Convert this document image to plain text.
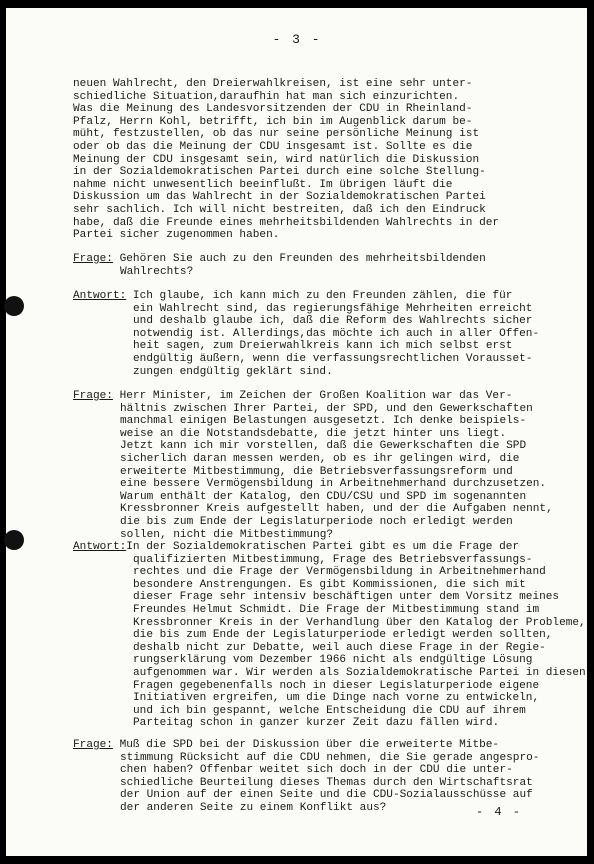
- 3 -
neuen Wahlrecht, den Dreierwahlkreisen, ist eine sehr unter-
schiedliche Situation,daraufhin hat man sich einzurichten.
Was die Meinung des Landesvorsitzenden der CDU in Rheinland-
Pfalz, Herrn Kohl, betrifft, ich bin im Augenblick darum be-
müht, festzustellen, ob das nur seine persönliche Meinung ist
oder ob das die Meinung der CDU insgesamt ist. Sollte es die
Meinung der CDU insgesamt sein, wird natürlich die Diskussion
in der Sozialdemokratischen Partei durch eine solche Stellung-
nahme nicht unwesentlich beeinflußt. Im übrigen läuft die
Diskussion um das Wahlrecht in der Sozialdemokratischen Partei
sehr sachlich. Ich will nicht bestreiten, daß ich den Eindruck
habe, daß die Freunde eines mehrheitsbildenden Wahlrechts in der
Partei sicher zugenommen haben.
Frage: Gehören Sie auch zu den Freunden des mehrheitsbildenden
Wahlrechts?
Antwort: Ich glaube, ich kann mich zu den Freunden zählen, die für
ein Wahlrecht sind, das regierungsfähige Mehrheiten erreicht
und deshalb glaube ich, daß die Reform des Wahlrechts sicher
notwendig ist. Allerdings,das möchte ich auch in aller Offen-
heit sagen, zum Dreierwahlkreis kann ich mich selbst erst
endgültig äußern, wenn die verfassungsrechtlichen Vorausset-
zungen endgültig geklärt sind.
Frage: Herr Minister, im Zeichen der Großen Koalition war das Ver-
hältnis zwischen Ihrer Partei, der SPD, und den Gewerkschaften
manchmal einigen Belastungen ausgesetzt. Ich denke beispiels-
weise an die Notstandsdebatte, die jetzt hinter uns liegt.
Jetzt kann ich mir vorstellen, daß die Gewerkschaften die SPD
sicherlich daran messen werden, ob es ihr gelingen wird, die
erweiterte Mitbestimmung, die Betriebsverfassungsreform und
eine bessere Vermögensbildung in Arbeitnehmerhand durchzusetzen.
Warum enthält der Katalog, den CDU/CSU und SPD im sogenannten
Kressbronner Kreis aufgestellt haben, und der die Aufgaben nennt,
die bis zum Ende der Legislaturperiode noch erledigt werden
sollen, nicht die Mitbestimmung?
Antwort:In der Sozialdemokratischen Partei gibt es um die Frage der
qualifizierten Mitbestimmung, Frage des Betriebsverfassungs-
rechtes und die Frage der Vermögensbildung in Arbeitnehmerhand
besondere Anstrengungen. Es gibt Kommissionen, die sich mit
dieser Frage sehr intensiv beschäftigen unter dem Vorsitz meines
Freundes Helmut Schmidt. Die Frage der Mitbestimmung stand im
Kressbronner Kreis in der Verhandlung über den Katalog der Probleme,
die bis zum Ende der Legislaturperiode erledigt werden sollten,
deshalb nicht zur Debatte, weil auch diese Frage in der Regie-
rungserklärung vom Dezember 1966 nicht als endgültige Lösung
aufgenommen war. Wir werden als Sozialdemokratische Partei in diesen
Fragen gegebenenfalls noch in dieser Legislaturperiode eigene
Initiativen ergreifen, um die Dinge nach vorne zu entwickeln,
und ich bin gespannt, welche Entscheidung die CDU auf ihrem
Parteitag schon in ganzer kurzer Zeit dazu fällen wird.
Frage: Muß die SPD bei der Diskussion über die erweiterte Mitbe-
stimmung Rücksicht auf die CDU nehmen, die Sie gerade angespro-
chen haben? Offenbar weitet sich doch in der CDU die unter-
schiedliche Beurteilung dieses Themas durch den Wirtschaftsrat
der Union auf der einen Seite und die CDU-Sozialausschüsse auf
der anderen Seite zu einem Konflikt aus?	- 4 -
